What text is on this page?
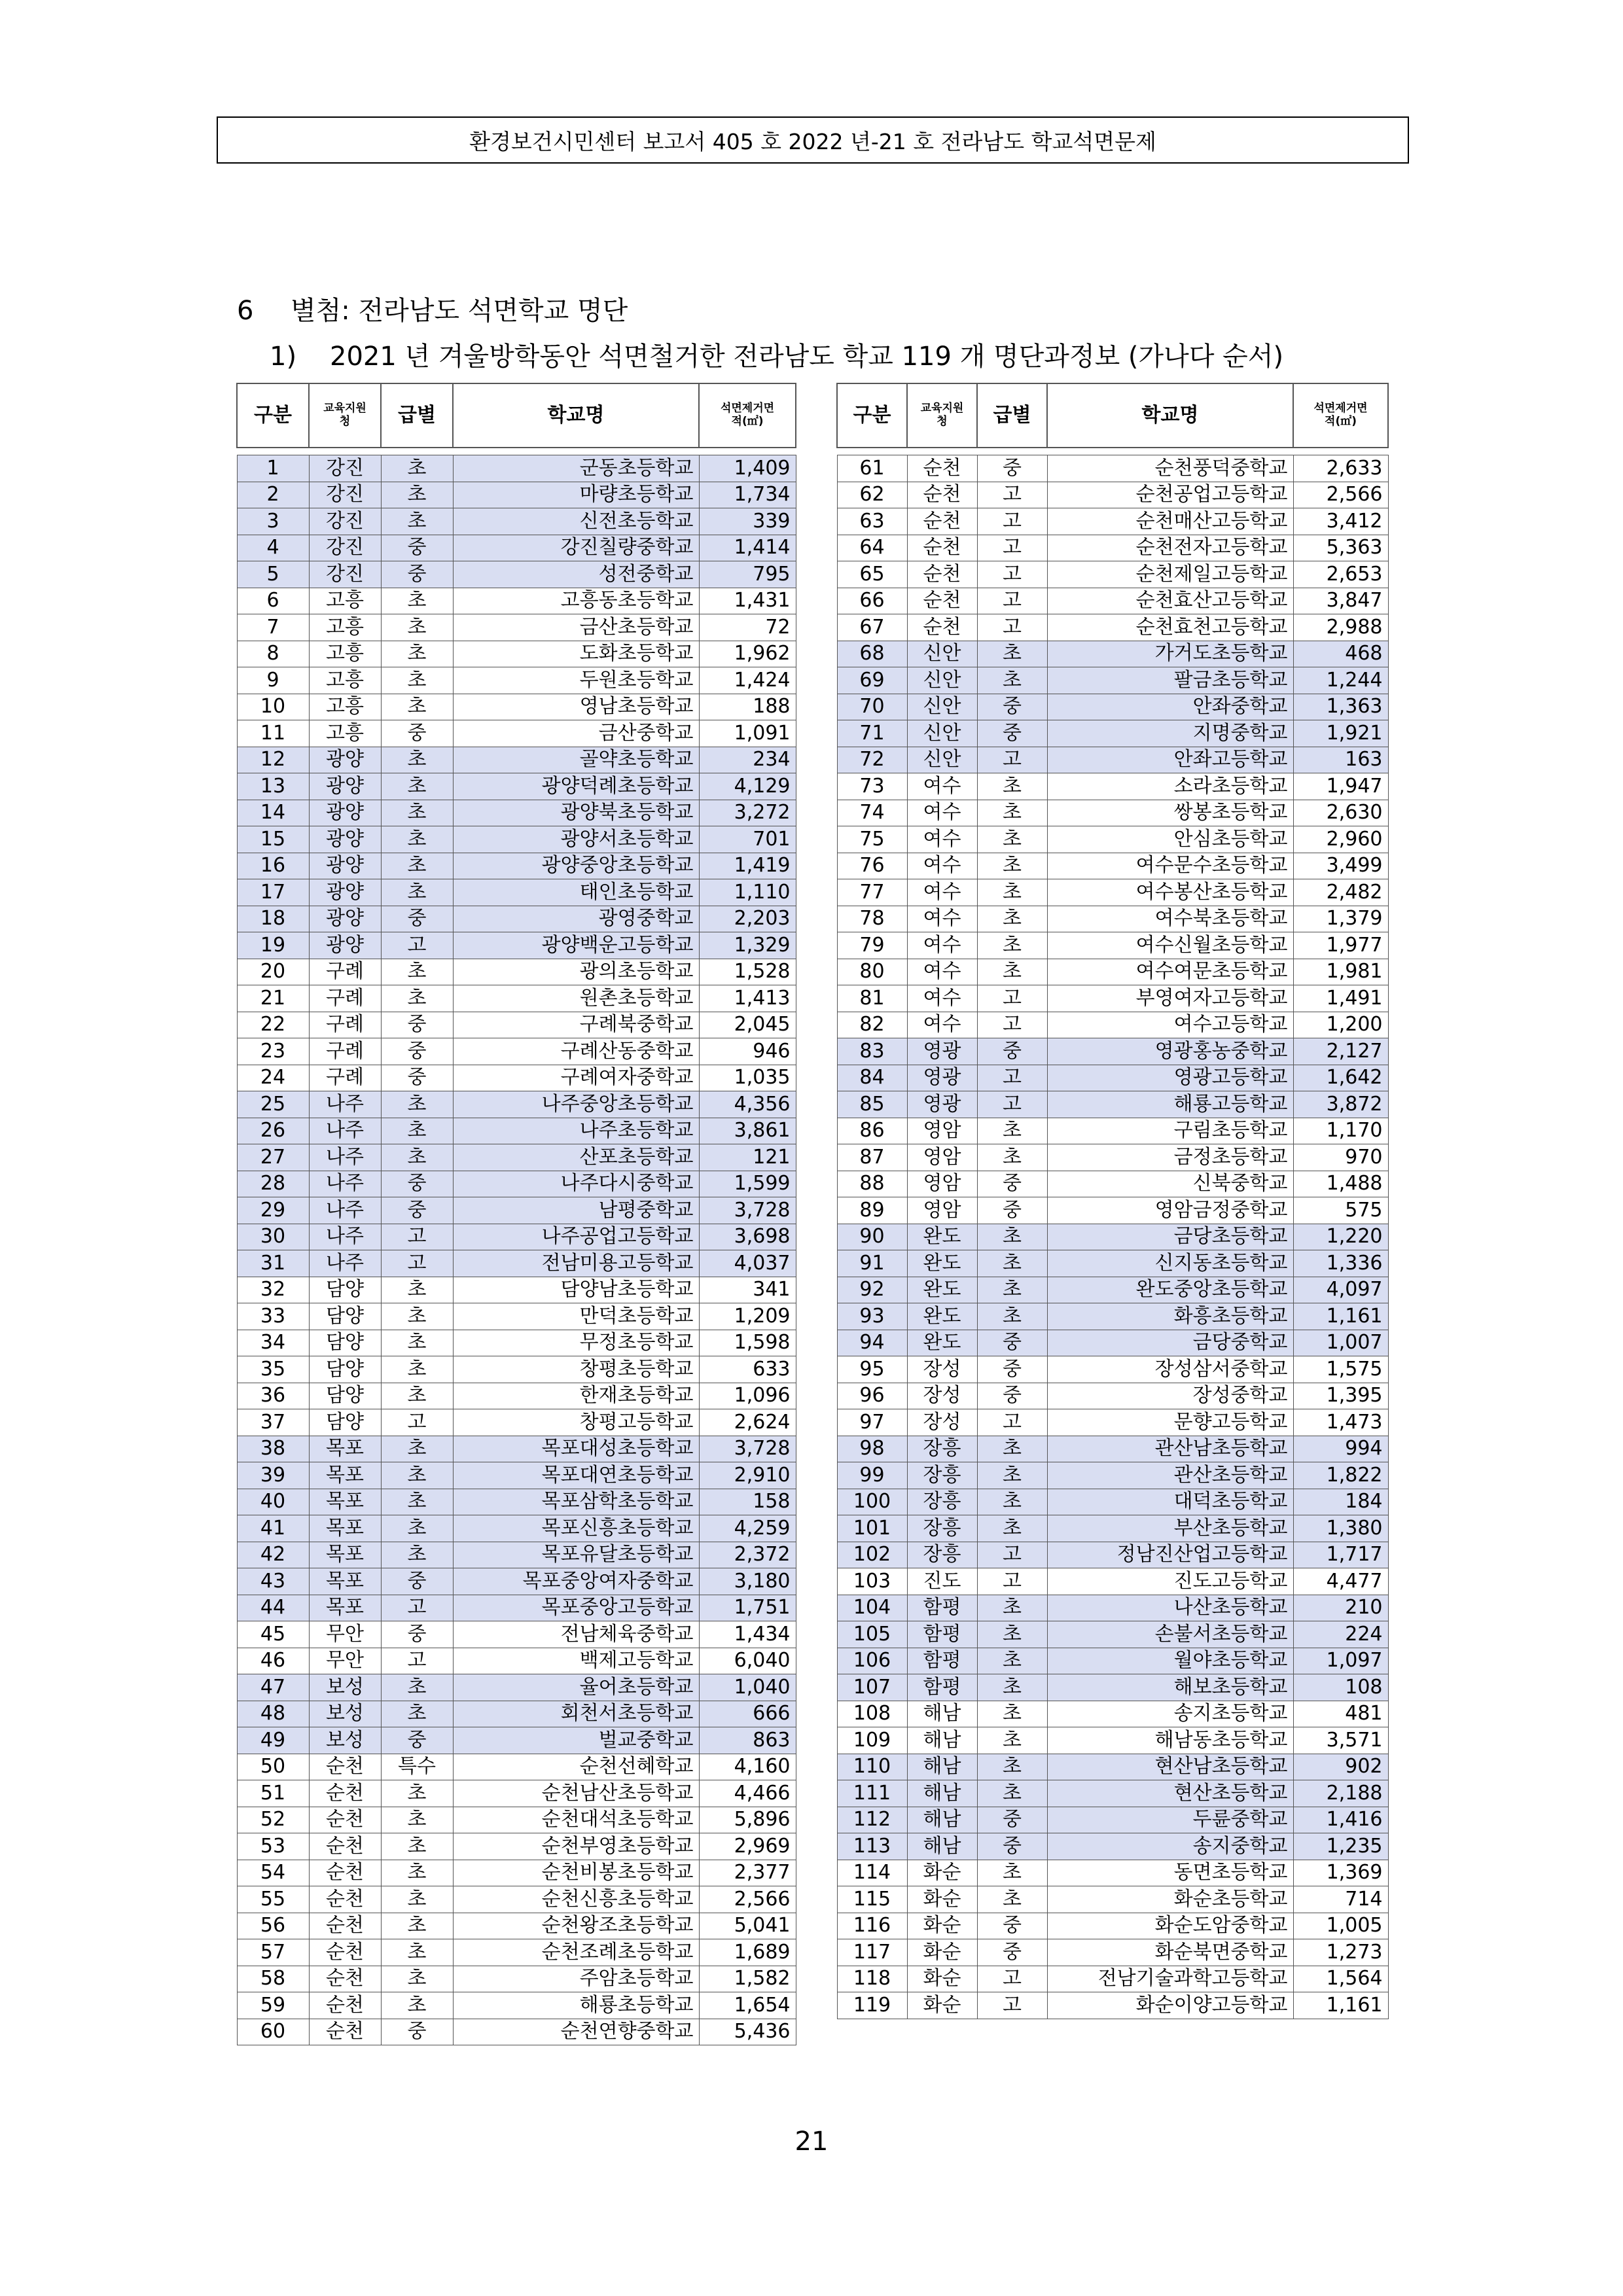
환경보건시민센터 보고서 405 호 2022 년-21 호 전라남도 학교석면문제
6 별첨: 전라남도 석면학교 명단
1) 2021 년 겨울방학동안 석면철거한 전라남도 학교 119 개 명단과정보 (가나다 순서)
구분	교육지원
청	급별	학교명	석면제거면
적(㎡)

1	강진	초	군동초등학교	1,409
2	강진	초	마량초등학교	1,734
3	강진	초	신전초등학교	339
4	강진	중	강진칠량중학교	1,414
5	강진	중	성전중학교	795
6	고흥	초	고흥동초등학교	1,431
7	고흥	초	금산초등학교	72
8	고흥	초	도화초등학교	1,962
9	고흥	초	두원초등학교	1,424
10	고흥	초	영남초등학교	188
11	고흥	중	금산중학교	1,091
12	광양	초	골약초등학교	234
13	광양	초	광양덕례초등학교	4,129
14	광양	초	광양북초등학교	3,272
15	광양	초	광양서초등학교	701
16	광양	초	광양중앙초등학교	1,419
17	광양	초	태인초등학교	1,110
18	광양	중	광영중학교	2,203
19	광양	고	광양백운고등학교	1,329
20	구례	초	광의초등학교	1,528
21	구례	초	원촌초등학교	1,413
22	구례	중	구례북중학교	2,045
23	구례	중	구례산동중학교	946
24	구례	중	구례여자중학교	1,035
25	나주	초	나주중앙초등학교	4,356
26	나주	초	나주초등학교	3,861
27	나주	초	산포초등학교	121
28	나주	중	나주다시중학교	1,599
29	나주	중	남평중학교	3,728
30	나주	고	나주공업고등학교	3,698
31	나주	고	전남미용고등학교	4,037
32	담양	초	담양남초등학교	341
33	담양	초	만덕초등학교	1,209
34	담양	초	무정초등학교	1,598
35	담양	초	창평초등학교	633
36	담양	초	한재초등학교	1,096
37	담양	고	창평고등학교	2,624
38	목포	초	목포대성초등학교	3,728
39	목포	초	목포대연초등학교	2,910
40	목포	초	목포삼학초등학교	158
41	목포	초	목포신흥초등학교	4,259
42	목포	초	목포유달초등학교	2,372
43	목포	중	목포중앙여자중학교	3,180
44	목포	고	목포중앙고등학교	1,751
45	무안	중	전남체육중학교	1,434
46	무안	고	백제고등학교	6,040
47	보성	초	율어초등학교	1,040
48	보성	초	회천서초등학교	666
49	보성	중	벌교중학교	863
50	순천	특수	순천선혜학교	4,160
51	순천	초	순천남산초등학교	4,466
52	순천	초	순천대석초등학교	5,896
53	순천	초	순천부영초등학교	2,969
54	순천	초	순천비봉초등학교	2,377
55	순천	초	순천신흥초등학교	2,566
56	순천	초	순천왕조초등학교	5,041
57	순천	초	순천조례초등학교	1,689
58	순천	초	주암초등학교	1,582
59	순천	초	해룡초등학교	1,654
60	순천	중	순천연향중학교	5,436
구분	교육지원
청	급별	학교명	석면제거면
적(㎡)

61	순천	중	순천풍덕중학교	2,633
62	순천	고	순천공업고등학교	2,566
63	순천	고	순천매산고등학교	3,412
64	순천	고	순천전자고등학교	5,363
65	순천	고	순천제일고등학교	2,653
66	순천	고	순천효산고등학교	3,847
67	순천	고	순천효천고등학교	2,988
68	신안	초	가거도초등학교	468
69	신안	초	팔금초등학교	1,244
70	신안	중	안좌중학교	1,363
71	신안	중	지명중학교	1,921
72	신안	고	안좌고등학교	163
73	여수	초	소라초등학교	1,947
74	여수	초	쌍봉초등학교	2,630
75	여수	초	안심초등학교	2,960
76	여수	초	여수문수초등학교	3,499
77	여수	초	여수봉산초등학교	2,482
78	여수	초	여수북초등학교	1,379
79	여수	초	여수신월초등학교	1,977
80	여수	초	여수여문초등학교	1,981
81	여수	고	부영여자고등학교	1,491
82	여수	고	여수고등학교	1,200
83	영광	중	영광홍농중학교	2,127
84	영광	고	영광고등학교	1,642
85	영광	고	해룡고등학교	3,872
86	영암	초	구림초등학교	1,170
87	영암	초	금정초등학교	970
88	영암	중	신북중학교	1,488
89	영암	중	영암금정중학교	575
90	완도	초	금당초등학교	1,220
91	완도	초	신지동초등학교	1,336
92	완도	초	완도중앙초등학교	4,097
93	완도	초	화흥초등학교	1,161
94	완도	중	금당중학교	1,007
95	장성	중	장성삼서중학교	1,575
96	장성	중	장성중학교	1,395
97	장성	고	문향고등학교	1,473
98	장흥	초	관산남초등학교	994
99	장흥	초	관산초등학교	1,822
100	장흥	초	대덕초등학교	184
101	장흥	초	부산초등학교	1,380
102	장흥	고	정남진산업고등학교	1,717
103	진도	고	진도고등학교	4,477
104	함평	초	나산초등학교	210
105	함평	초	손불서초등학교	224
106	함평	초	월야초등학교	1,097
107	함평	초	해보초등학교	108
108	해남	초	송지초등학교	481
109	해남	초	해남동초등학교	3,571
110	해남	초	현산남초등학교	902
111	해남	초	현산초등학교	2,188
112	해남	중	두륜중학교	1,416
113	해남	중	송지중학교	1,235
114	화순	초	동면초등학교	1,369
115	화순	초	화순초등학교	714
116	화순	중	화순도암중학교	1,005
117	화순	중	화순북면중학교	1,273
118	화순	고	전남기술과학고등학교	1,564
119	화순	고	화순이양고등학교	1,161
21
